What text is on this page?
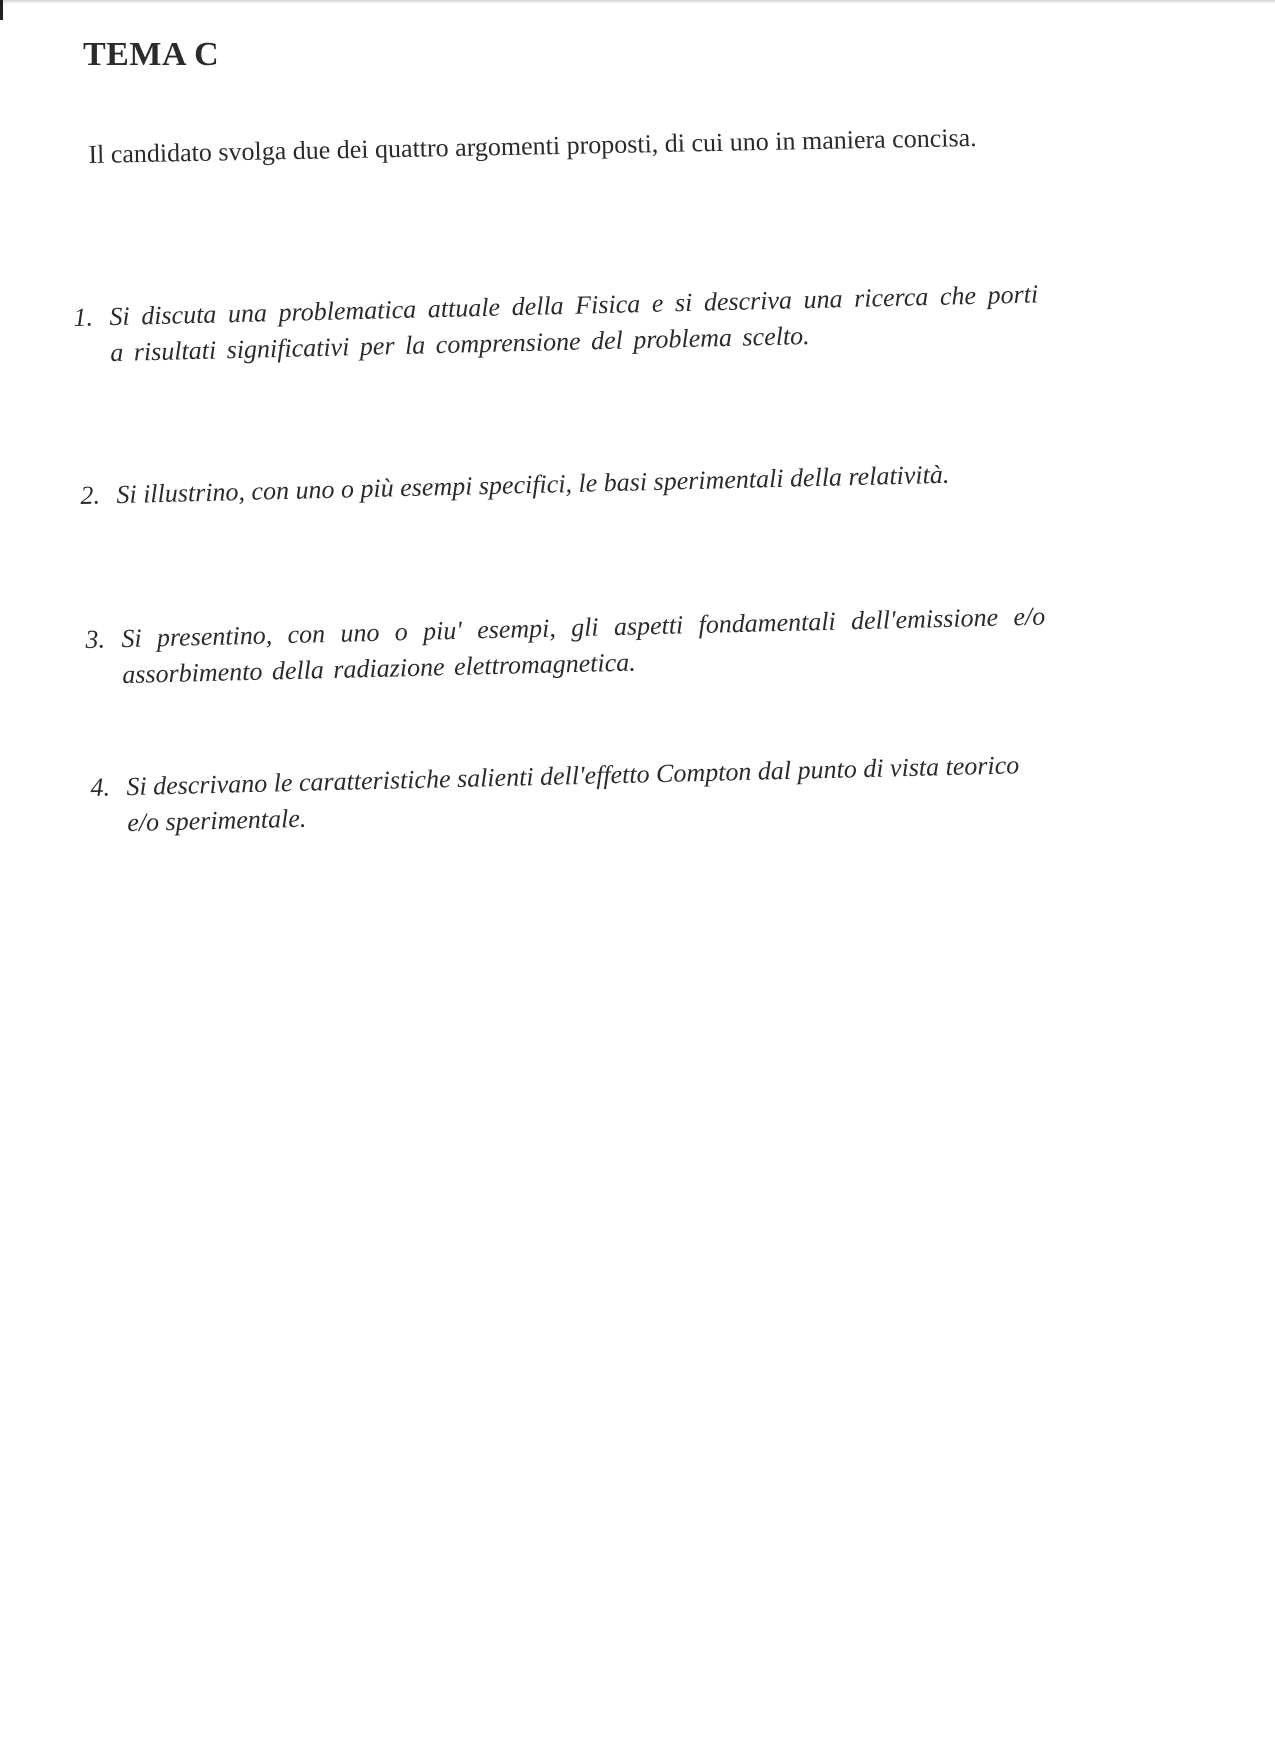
TEMA C

Il candidato svolga due dei quattro argomenti proposti, di cui uno in maniera concisa.

1. Si discuta una problematica attuale della Fisica e si descriva una ricerca che porti a risultati significativi per la comprensione del problema scelto.
2. Si illustrino, con uno o più esempi specifici, le basi sperimentali della relatività.
3. Si presentino, con uno o piu' esempi, gli aspetti fondamentali dell'emissione e/o assorbimento della radiazione elettromagnetica.
4. Si descrivano le caratteristiche salienti dell'effetto Compton dal punto di vista teorico e/o sperimentale.
